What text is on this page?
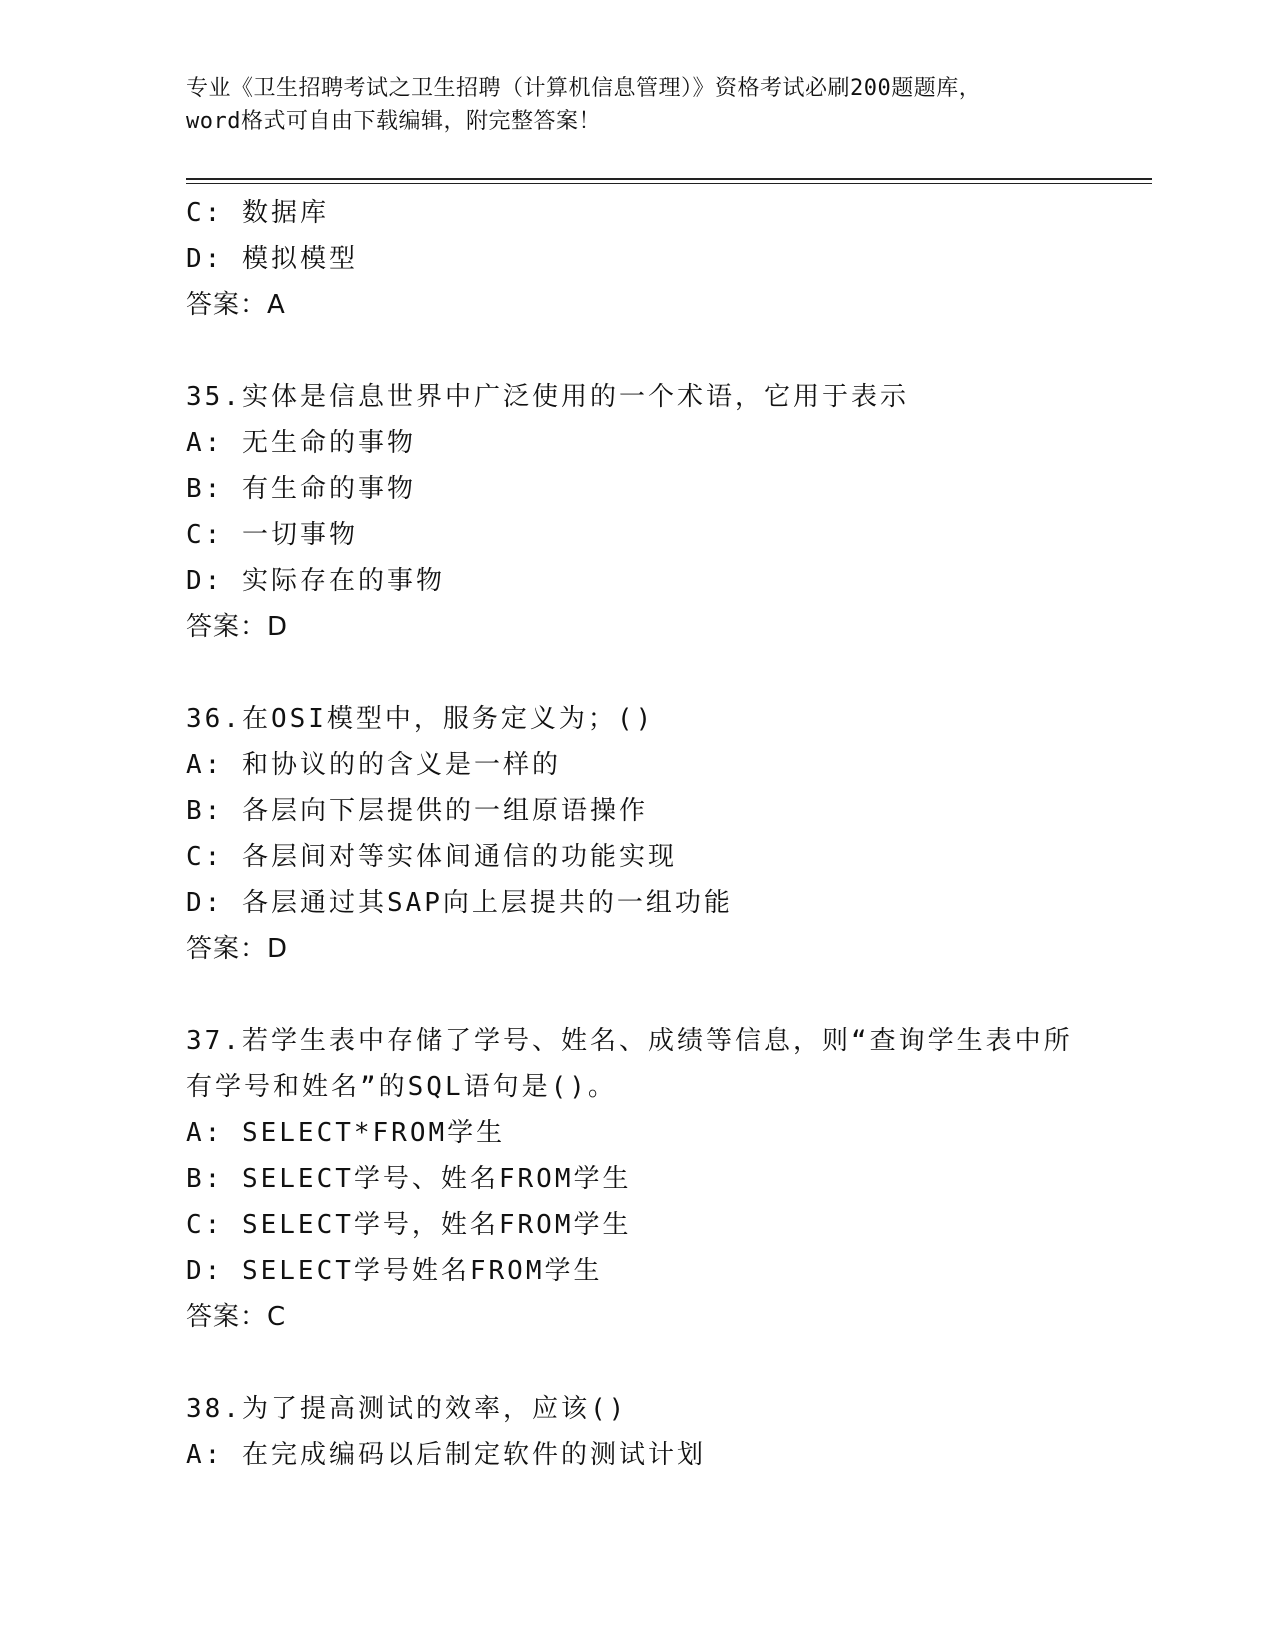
专业《卫生招聘考试之卫生招聘（计算机信息管理）》资格考试必刷200题题库，
word格式可自由下载编辑，附完整答案！
C: 数据库
D: 模拟模型
答案：A
35.实体是信息世界中广泛使用的一个术语，它用于表示
A: 无生命的事物
B: 有生命的事物
C: 一切事物
D: 实际存在的事物
答案：D
36.在OSI模型中，服务定义为；()
A: 和协议的的含义是一样的
B: 各层向下层提供的一组原语操作
C: 各层间对等实体间通信的功能实现
D: 各层通过其SAP向上层提共的一组功能
答案：D
37.若学生表中存储了学号、姓名、成绩等信息，则“查询学生表中所
有学号和姓名”的SQL语句是()。
A: SELECT*FROM学生
B: SELECT学号、姓名FROM学生
C: SELECT学号，姓名FROM学生
D: SELECT学号姓名FROM学生
答案：C
38.为了提高测试的效率，应该()
A: 在完成编码以后制定软件的测试计划
